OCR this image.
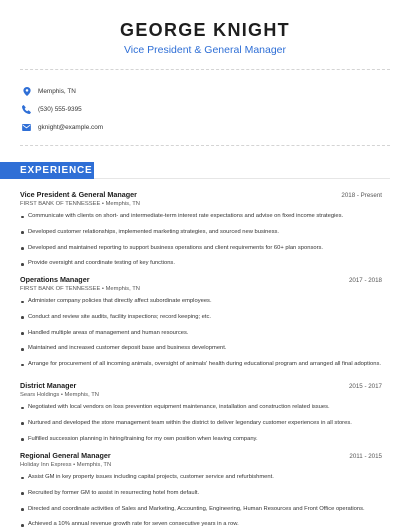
GEORGE KNIGHT
Vice President & General Manager
Memphis, TN
(530) 555-9395
gknight@example.com
EXPERIENCE
Vice President & General Manager	2018 - Present
FIRST BANK OF TENNESSEE • Memphis, TN
Communicate with clients on short- and intermediate-term interest rate expectations and advise on fixed income strategies.
Developed customer relationships, implemented marketing strategies, and sourced new business.
Developed and maintained reporting to support business operations and client requirements for 60+ plan sponsors.
Provide oversight and coordinate testing of key functions.
Operations Manager	2017 - 2018
FIRST BANK OF TENNESSEE • Memphis, TN
Administer company policies that directly affect subordinate employees.
Conduct and review site audits, facility inspections; record keeping; etc.
Handled multiple areas of management and human resources.
Maintained and increased customer deposit base and business development.
Arrange for procurement of all incoming animals, oversight of animals' health during educational program and arranged all final adoptions.
District Manager	2015 - 2017
Sears Holdings • Memphis, TN
Negotiated with local vendors on loss prevention equipment maintenance, installation and construction related issues.
Nurtured and developed the store management team within the district to deliver legendary customer experiences in all stores.
Fulfilled succession planning in hiring/training for my own position when leaving company.
Regional General Manager	2011 - 2015
Holiday Inn Express • Memphis, TN
Assist GM in key property issues including capital projects, customer service and refurbishment.
Recruited by former GM to assist in resurrecting hotel from default.
Directed and coordinate activities of Sales and Marketing, Accounting, Engineering, Human Resources and Front Office operations.
Achieved a 10% annual revenue growth rate for seven consecutive years in a row.
